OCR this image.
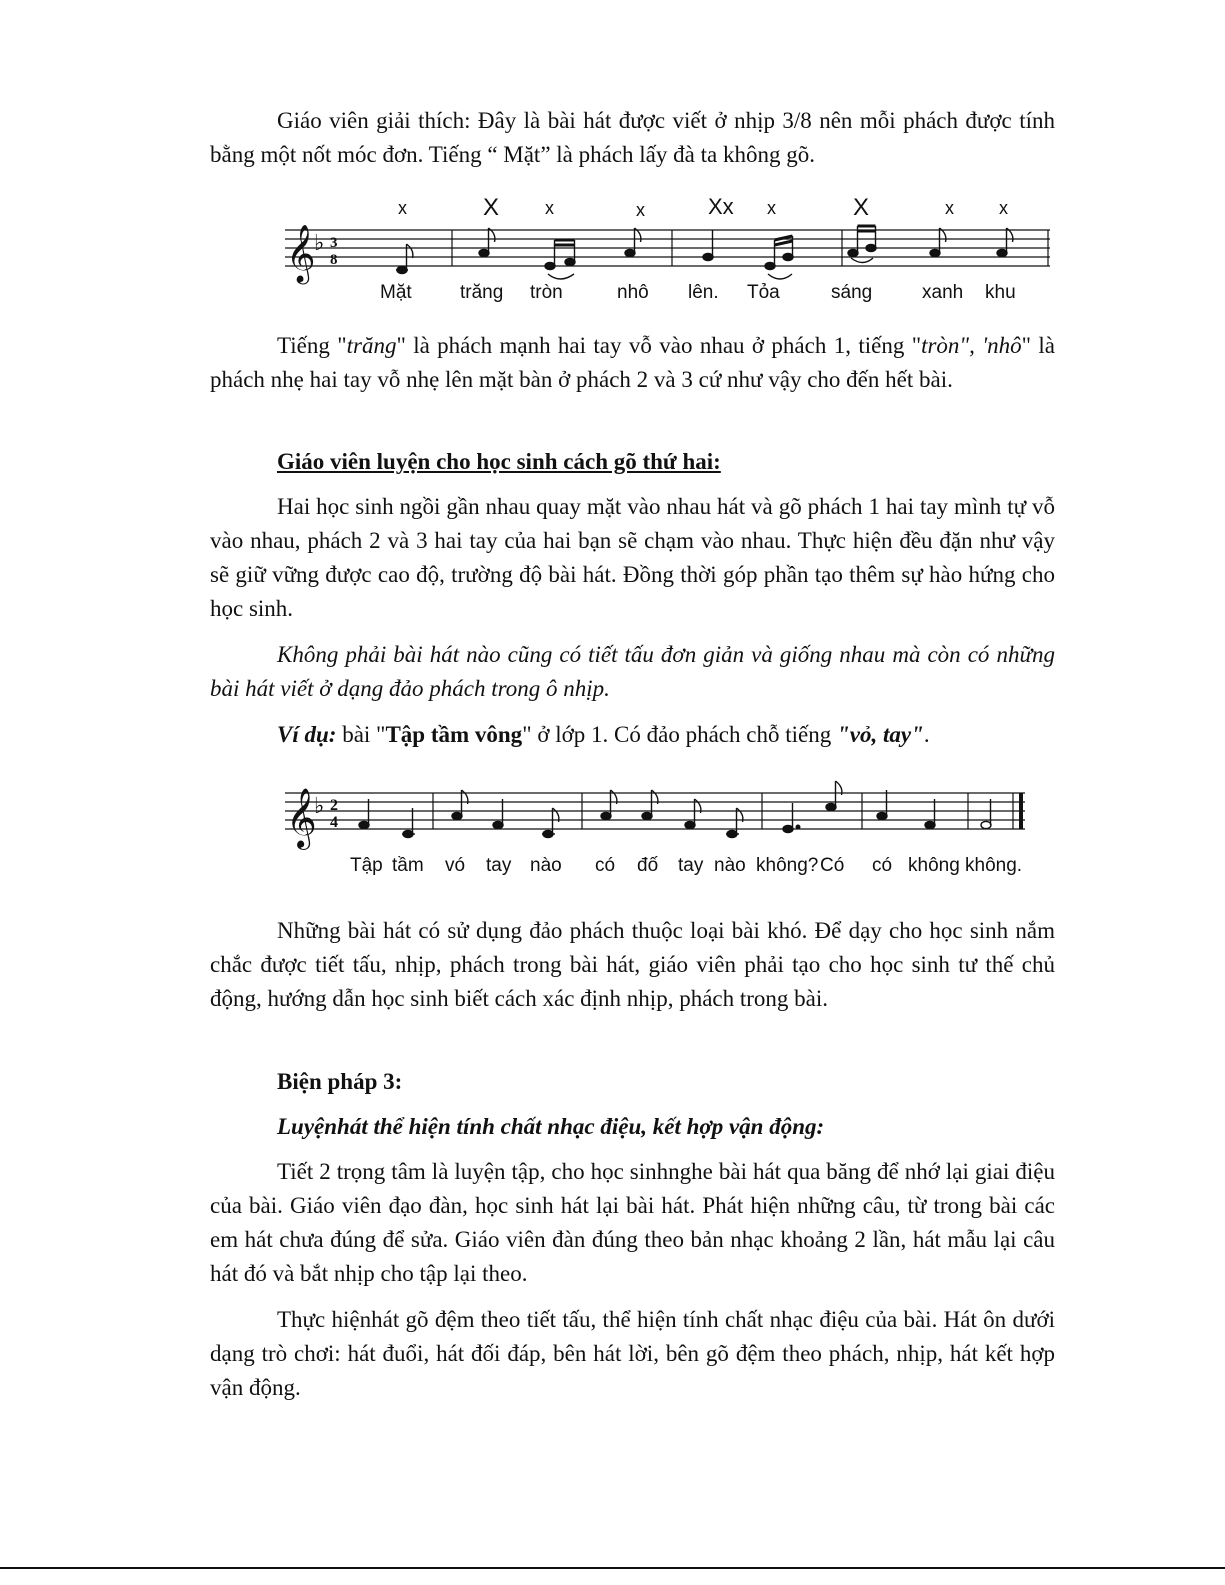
Giáo viên giải thích: Đây là bài hát được viết ở nhịp 3/8 nên mỗi phách được tính bằng một nốt móc đơn. Tiếng “ Mặt” là phách lấy đà ta không gõ.

x	X	x	x	Xx x	X	x	x
𝄞
♭ 3
8
Mặt	trăng tròn	nhô lên. Tỏa	sáng	xanh khu

Tiếng "trăng" là phách mạnh hai tay vỗ vào nhau ở phách 1, tiếng "tròn", 'nhô" là phách nhẹ hai tay vỗ nhẹ lên mặt bàn ở phách 2 và 3 cứ như vậy cho đến hết bài.

Giáo viên luyện cho học sinh cách gõ thứ hai:

Hai học sinh ngồi gần nhau quay mặt vào nhau hát và gõ phách 1 hai tay mình tự vỗ vào nhau, phách 2 và 3 hai tay của hai bạn sẽ chạm vào nhau. Thực hiện đều đặn như vậy sẽ giữ vững được cao độ, trường độ bài hát. Đồng thời góp phần tạo thêm sự hào hứng cho học sinh.

Không phải bài hát nào cũng có tiết tấu đơn giản và giống nhau mà còn có những bài hát viết ở dạng đảo phách trong ô nhịp.

Ví dụ: bài "Tập tầm vông" ở lớp 1. Có đảo phách chỗ tiếng "vỏ, tay".

𝄞
♭ 2
4
Tập tầm vó tay nào có đố tay nào không? Có có không không.

Những bài hát có sử dụng đảo phách thuộc loại bài khó. Để dạy cho học sinh nắm chắc được tiết tấu, nhịp, phách trong bài hát, giáo viên phải tạo cho học sinh tư thế chủ động, hướng dẫn học sinh biết cách xác định nhịp, phách trong bài.

Biện pháp 3:

Luyệnhát thể hiện tính chất nhạc điệu, kết hợp vận động:

Tiết 2 trọng tâm là luyện tập, cho học sinhnghe bài hát qua băng để nhớ lại giai điệu của bài. Giáo viên đạo đàn, học sinh hát lại bài hát. Phát hiện những câu, từ trong bài các em hát chưa đúng để sửa. Giáo viên đàn đúng theo bản nhạc khoảng 2 lần, hát mẫu lại câu hát đó và bắt nhịp cho tập lại theo.

Thực hiệnhát gõ đệm theo tiết tấu, thể hiện tính chất nhạc điệu của bài. Hát ôn dưới dạng trò chơi: hát đuổi, hát đối đáp, bên hát lời, bên gõ đệm theo phách, nhịp, hát kết hợp vận động.
